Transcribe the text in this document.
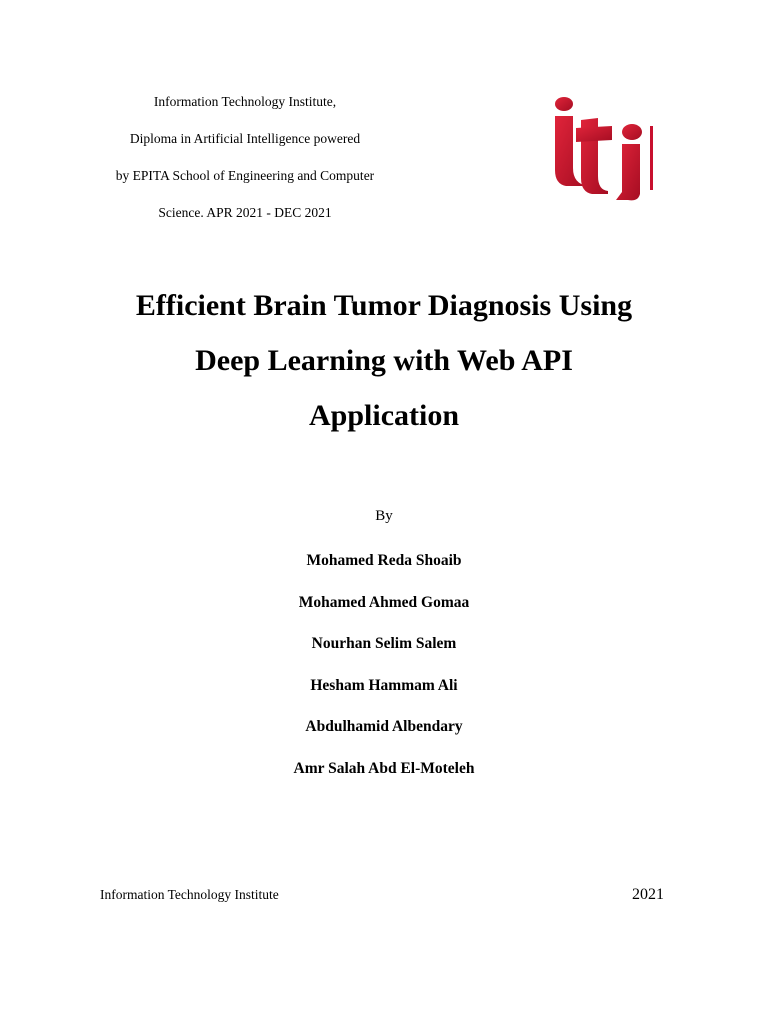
Information Technology Institute,
Diploma in Artificial Intelligence powered
by EPITA School of Engineering and Computer
Science. APR 2021 - DEC 2021
Efficient Brain Tumor Diagnosis Using
Deep Learning with Web API
Application
By
Mohamed Reda Shoaib
Mohamed Ahmed Gomaa
Nourhan Selim Salem
Hesham Hammam Ali
Abdulhamid Albendary
Amr Salah Abd El-Moteleh
Information Technology Institute	2021
